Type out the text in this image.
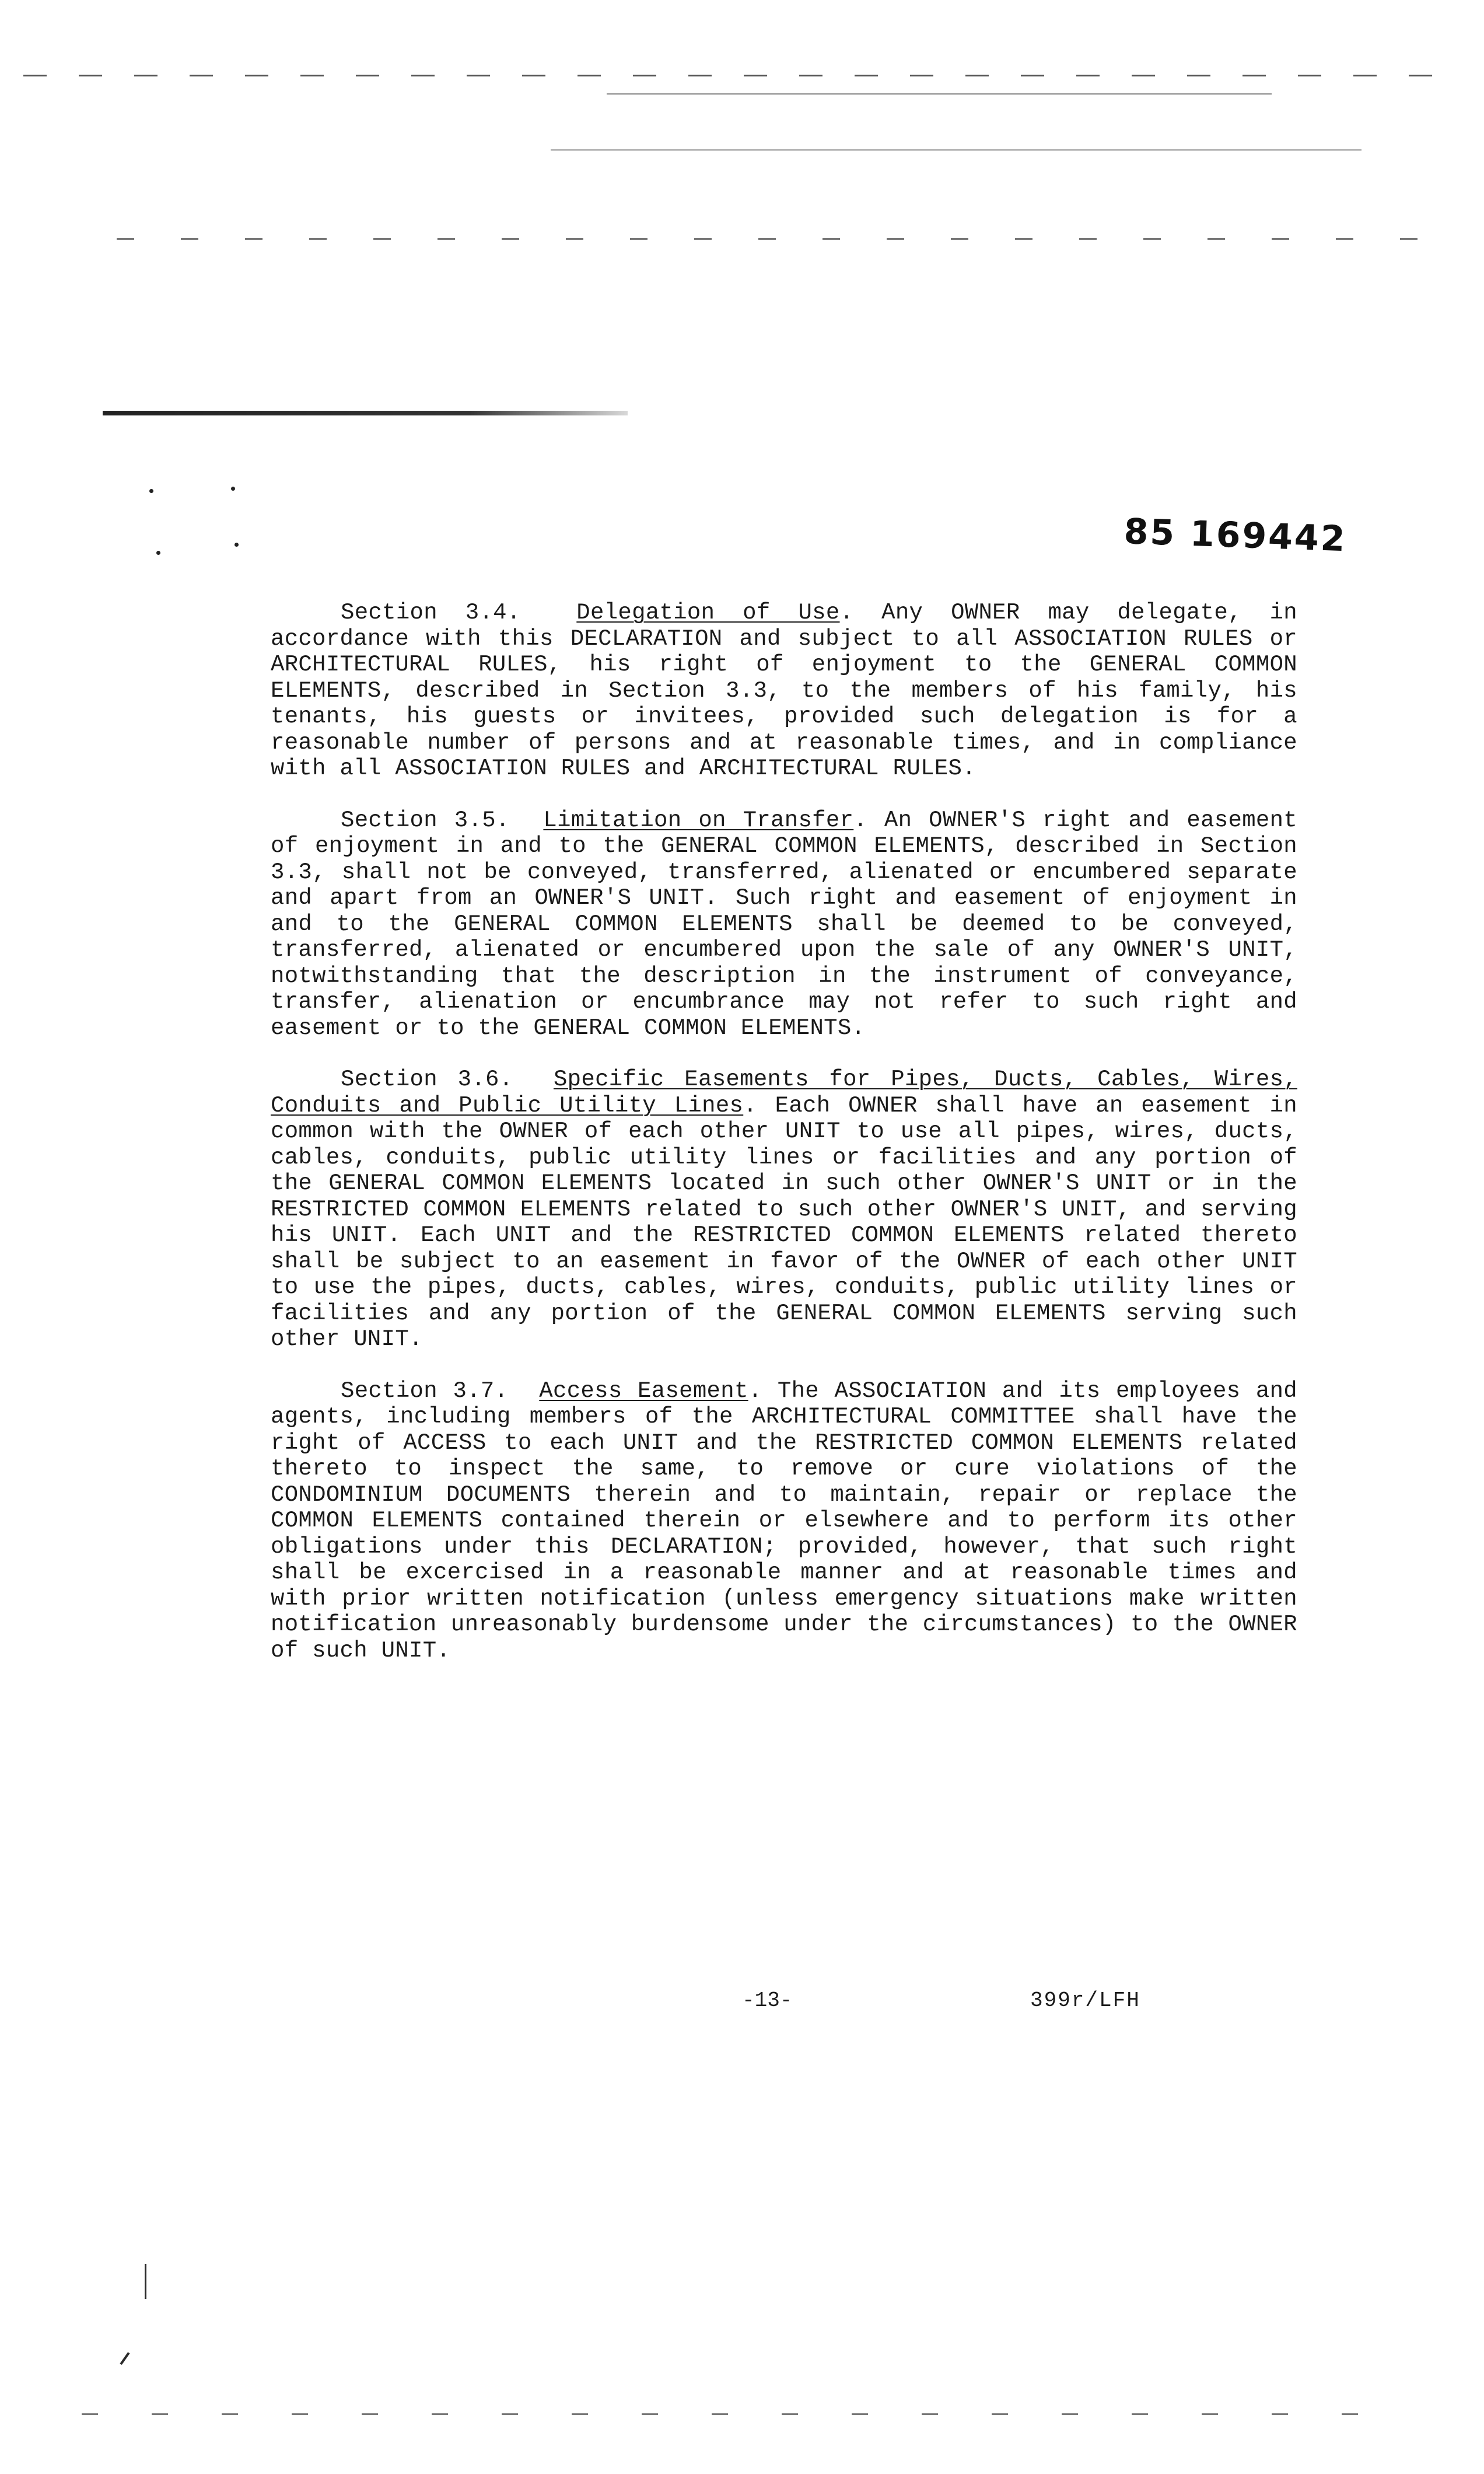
85 169442

Section 3.4. Delegation of Use. Any OWNER may delegate, in accordance with this DECLARATION and subject to all ASSOCIATION RULES or ARCHITECTURAL RULES, his right of enjoyment to the GENERAL COMMON ELEMENTS, described in Section 3.3, to the members of his family, his tenants, his guests or invitees, provided such delegation is for a reasonable number of persons and at reasonable times, and in compliance with all ASSOCIATION RULES and ARCHITECTURAL RULES.

Section 3.5. Limitation on Transfer. An OWNER'S right and easement of enjoyment in and to the GENERAL COMMON ELEMENTS, described in Section 3.3, shall not be conveyed, transferred, alienated or encumbered separate and apart from an OWNER'S UNIT. Such right and easement of enjoyment in and to the GENERAL COMMON ELEMENTS shall be deemed to be conveyed, transferred, alienated or encumbered upon the sale of any OWNER'S UNIT, notwithstanding that the description in the instrument of conveyance, transfer, alienation or encumbrance may not refer to such right and easement or to the GENERAL COMMON ELEMENTS.

Section 3.6. Specific Easements for Pipes, Ducts, Cables, Wires, Conduits and Public Utility Lines. Each OWNER shall have an easement in common with the OWNER of each other UNIT to use all pipes, wires, ducts, cables, conduits, public utility lines or facilities and any portion of the GENERAL COMMON ELEMENTS located in such other OWNER'S UNIT or in the RESTRICTED COMMON ELEMENTS related to such other OWNER'S UNIT, and serving his UNIT. Each UNIT and the RESTRICTED COMMON ELEMENTS related thereto shall be subject to an easement in favor of the OWNER of each other UNIT to use the pipes, ducts, cables, wires, conduits, public utility lines or facilities and any portion of the GENERAL COMMON ELEMENTS serving such other UNIT.

Section 3.7. Access Easement. The ASSOCIATION and its employees and agents, including members of the ARCHITECTURAL COMMITTEE shall have the right of ACCESS to each UNIT and the RESTRICTED COMMON ELEMENTS related thereto to inspect the same, to remove or cure violations of the CONDOMINIUM DOCUMENTS therein and to maintain, repair or replace the COMMON ELEMENTS contained therein or elsewhere and to perform its other obligations under this DECLARATION; provided, however, that such right shall be excercised in a reasonable manner and at reasonable times and with prior written notification (unless emergency situations make written notification unreasonably burdensome under the circumstances) to the OWNER of such UNIT.

-13-	399r/LFH
